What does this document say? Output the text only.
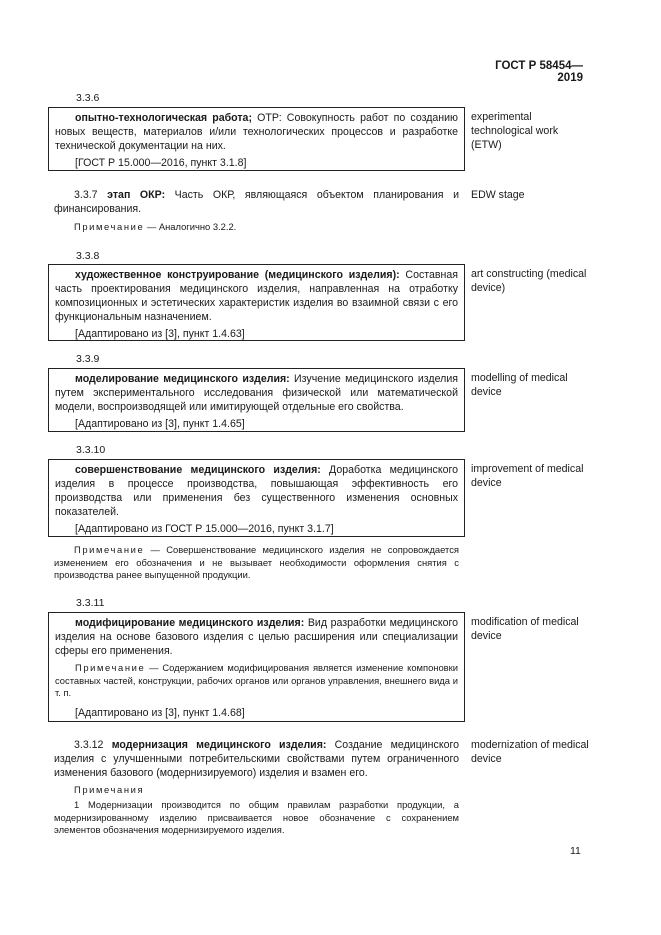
ГОСТ Р 58454—2019
3.3.6

опытно-технологическая работа; ОТР: Совокупность работ по созданию новых веществ, материалов и/или технологических процессов и разработке технической документации на них.

[ГОСТ Р 15.000—2016, пункт 3.1.8]

experimental technological work (ETW)

3.3.7 этап ОКР: Часть ОКР, являющаяся объектом планирования и финансирования.

EDW stage

Примечание — Аналогично 3.2.2.

3.3.8

художественное конструирование (медицинского изделия): Составная часть проектирования медицинского изделия, направленная на отработку композиционных и эстетических характеристик изделия во взаимной связи с его функциональным назначением.

[Адаптировано из [3], пункт 1.4.63]

art constructing (medical device)
3.3.9

моделирование медицинского изделия: Изучение медицинского изделия путем экспериментального исследования физической или математической модели, воспроизводящей или имитирующей отдельные его свойства.

[Адаптировано из [3], пункт 1.4.65]

modelling of medical device
3.3.10

совершенствование медицинского изделия: Доработка медицинского изделия в процессе производства, повышающая эффективность его производства или применения без существенного изменения основных показателей.

[Адаптировано из ГОСТ Р 15.000—2016, пункт 3.1.7]

improvement of medical device

Примечание — Совершенствование медицинского изделия не сопровождается изменением его обозначения и не вызывает необходимости оформления снятия с производства ранее выпущенной продукции.

3.3.11

модифицирование медицинского изделия: Вид разработки медицинского изделия на основе базового изделия с целью расширения или специализации сферы его применения.

Примечание — Содержанием модифицирования является изменение компоновки составных частей, конструкции, рабочих органов или органов управления, внешнего вида и т. п.

[Адаптировано из [3], пункт 1.4.68]

modification of medical device

3.3.12 модернизация медицинского изделия: Создание медицинского изделия с улучшенными потребительскими свойствами путем ограниченного изменения базового (модернизируемого) изделия и взамен его.

modernization of medical device

Примечания

1 Модернизации производится по общим правилам разработки продукции, а модернизированному изделию присваивается новое обозначение с сохранением элементов обозначения модернизируемого изделия.

11
